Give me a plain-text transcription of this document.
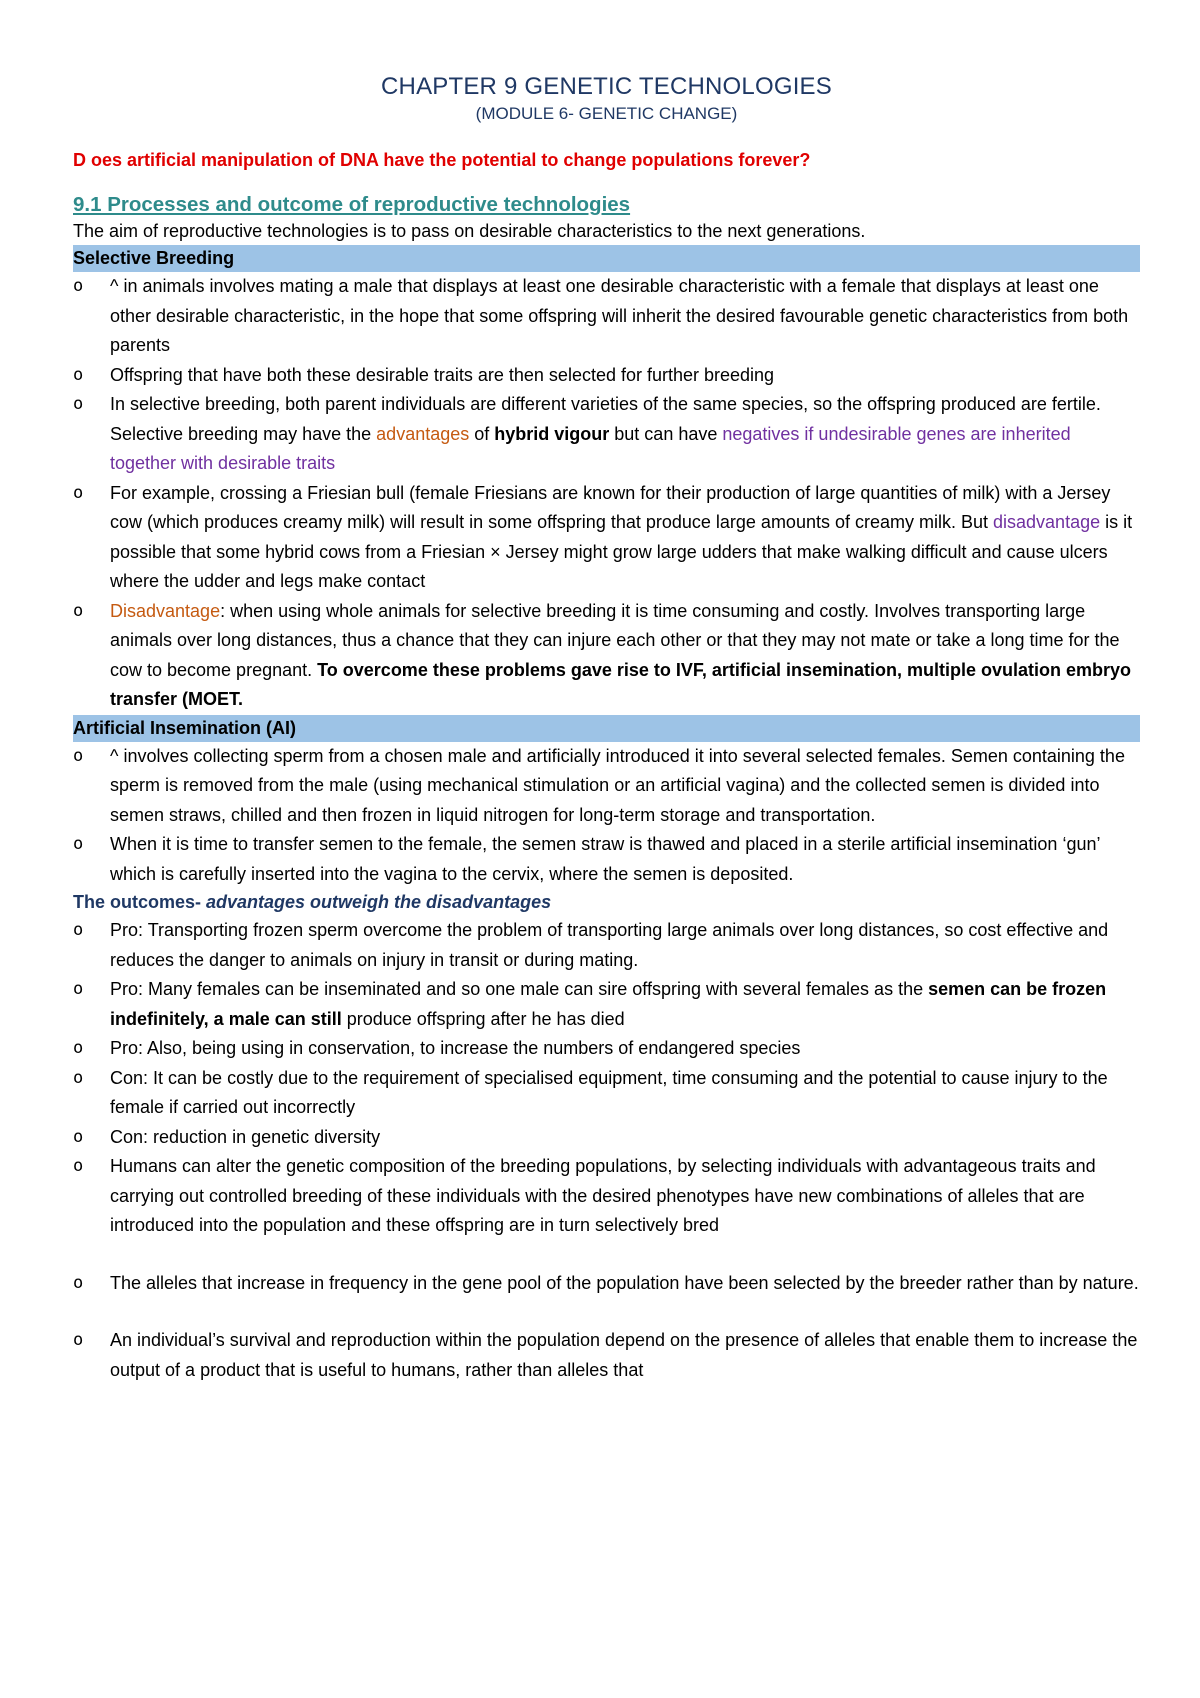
CHAPTER 9 GENETIC TECHNOLOGIES

(MODULE 6- GENETIC CHANGE)

D oes artificial manipulation of DNA have the potential to change populations forever?

9.1 Processes and outcome of reproductive technologies

The aim of reproductive technologies is to pass on desirable characteristics to the next generations.

Selective Breeding
o ^ in animals involves mating a male that displays at least one desirable characteristic with a female that displays at least one other desirable characteristic, in the hope that some offspring will inherit the desired favourable genetic characteristics from both parents
o Offspring that have both these desirable traits are then selected for further breeding
o In selective breeding, both parent individuals are different varieties of the same species, so the offspring produced are fertile. Selective breeding may have the advantages of hybrid vigour but can have negatives if undesirable genes are inherited together with desirable traits
o For example, crossing a Friesian bull (female Friesians are known for their production of large quantities of milk) with a Jersey cow (which produces creamy milk) will result in some offspring that produce large amounts of creamy milk. But disadvantage is it possible that some hybrid cows from a Friesian × Jersey might grow large udders that make walking difficult and cause ulcers where the udder and legs make contact
o Disadvantage: when using whole animals for selective breeding it is time consuming and costly. Involves transporting large animals over long distances, thus a chance that they can injure each other or that they may not mate or take a long time for the cow to become pregnant. To overcome these problems gave rise to IVF, artificial insemination, multiple ovulation embryo transfer (MOET.
Artificial Insemination (AI)
o ^ involves collecting sperm from a chosen male and artificially introduced it into several selected females. Semen containing the sperm is removed from the male (using mechanical stimulation or an artificial vagina) and the collected semen is divided into semen straws, chilled and then frozen in liquid nitrogen for long-term storage and transportation.
o When it is time to transfer semen to the female, the semen straw is thawed and placed in a sterile artificial insemination ‘gun’ which is carefully inserted into the vagina to the cervix, where the semen is deposited.

The outcomes- advantages outweigh the disadvantages

o Pro: Transporting frozen sperm overcome the problem of transporting large animals over long distances, so cost effective and reduces the danger to animals on injury in transit or during mating.
o Pro: Many females can be inseminated and so one male can sire offspring with several females as the semen can be frozen indefinitely, a male can still produce offspring after he has died
o Pro: Also, being using in conservation, to increase the numbers of endangered species
o Con: It can be costly due to the requirement of specialised equipment, time consuming and the potential to cause injury to the female if carried out incorrectly
o Con: reduction in genetic diversity
o Humans can alter the genetic composition of the breeding populations, by selecting individuals with advantageous traits and carrying out controlled breeding of these individuals with the desired phenotypes have new combinations of alleles that are introduced into the population and these offspring are in turn selectively bred
o The alleles that increase in frequency in the gene pool of the population have been selected by the breeder rather than by nature.
o An individual’s survival and reproduction within the population depend on the presence of alleles that enable them to increase the output of a product that is useful to humans, rather than alleles that
